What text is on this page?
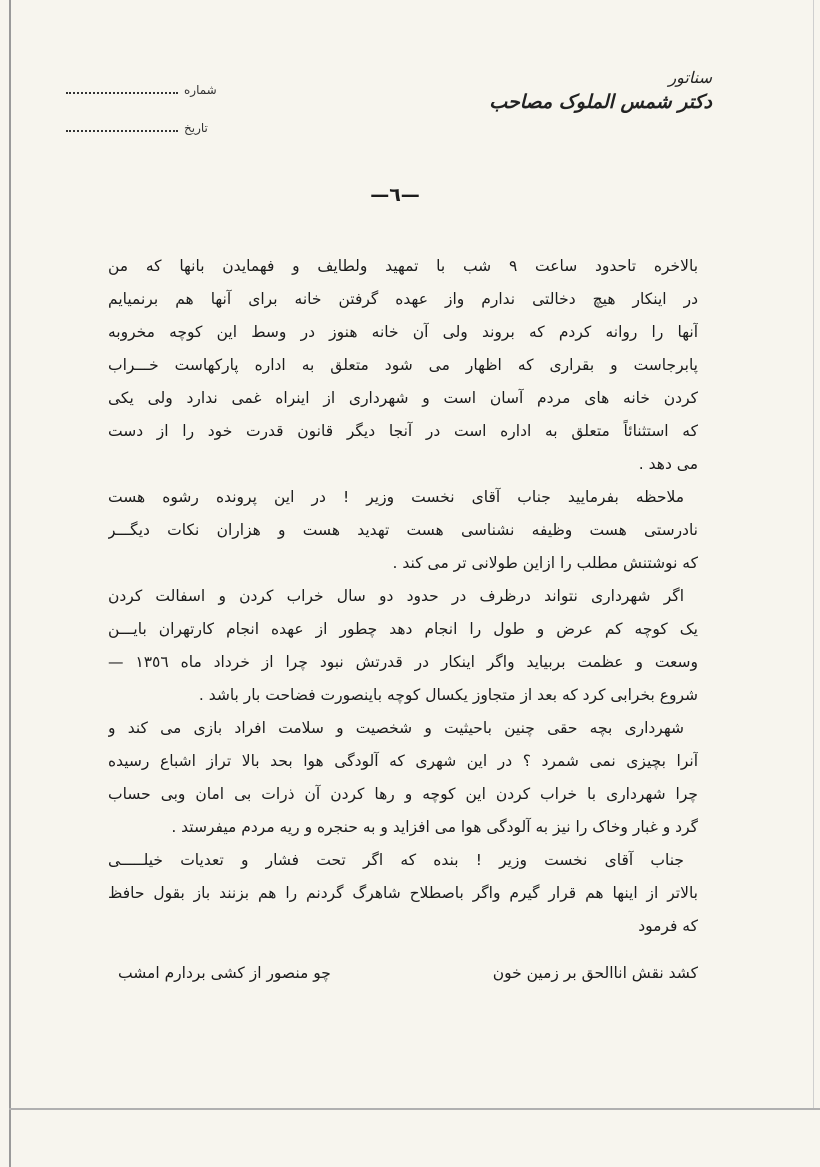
شماره
تاریخ
سناتور
دکتر شمس الملوک مصاحب
—٦—

بالاخره تاحدود ساعت ۹ شب با تمهید ولطایف و فهمایدن بانها که من
در اینکار هیچ دخالتی ندارم واز عهده گرفتن خانه برای آنها هم برنمیایم
آنها را روانه کردم که بروند ولی آن خانه هنوز در وسط این کوچه مخروبه
پابرجاست و بقراری که اظهار می شود متعلق به اداره پارکهاست خـــراب
کردن خانه های مردم آسان است و شهرداری از اینراه غمی ندارد ولی یکی
که استثنائاً متعلق به اداره است در آنجا دیگر قانون قدرت خود را از دست
می دهد .

ملاحظه بفرمایید جناب آقای نخست وزیر ! در این پرونده رشوه هست
نادرستی هست وظیفه نشناسی هست تهدید هست و هزاران نکات دیگـــر
که نوشتنش مطلب را ازاین طولانی تر می کند .

اگر شهرداری نتواند درظرف در حدود دو سال خراب کردن و اسفالت کردن
یک کوچه کم عرض و طول را انجام دهد چطور از عهده انجام کارتهران بایـــن
وسعت و عظمت بربیاید واگر اینکار در قدرتش نبود چرا از خرداد ماه ١٣٥٦ —
شروع بخرابی کرد که بعد از متجاوز یکسال کوچه باینصورت فضاحت بار باشد .

شهرداری بچه حقی چنین باحیثیت و شخصیت و سلامت افراد بازی می کند و
آنرا بچیزی نمی شمرد ؟ در این شهری که آلودگی هوا بحد بالا تراز اشباع رسیده
چرا شهرداری با خراب کردن این کوچه و رها کردن آن ذرات بی امان وبی حساب
گرد و غبار وخاک را نیز به آلودگی هوا می افزاید و به حنجره و ریه مردم میفرستد .

جناب آقای نخست وزیر ! بنده که اگر تحت فشار و تعدیات خیلـــــی
بالاتر از اینها هم قرار گیرم واگر باصطلاح شاهرگ گردنم را هم بزنند باز بقول حافظ
که فرمود

کشد نقش اناالحق بر زمین خون
چو منصور از کشی بردارم امشب
